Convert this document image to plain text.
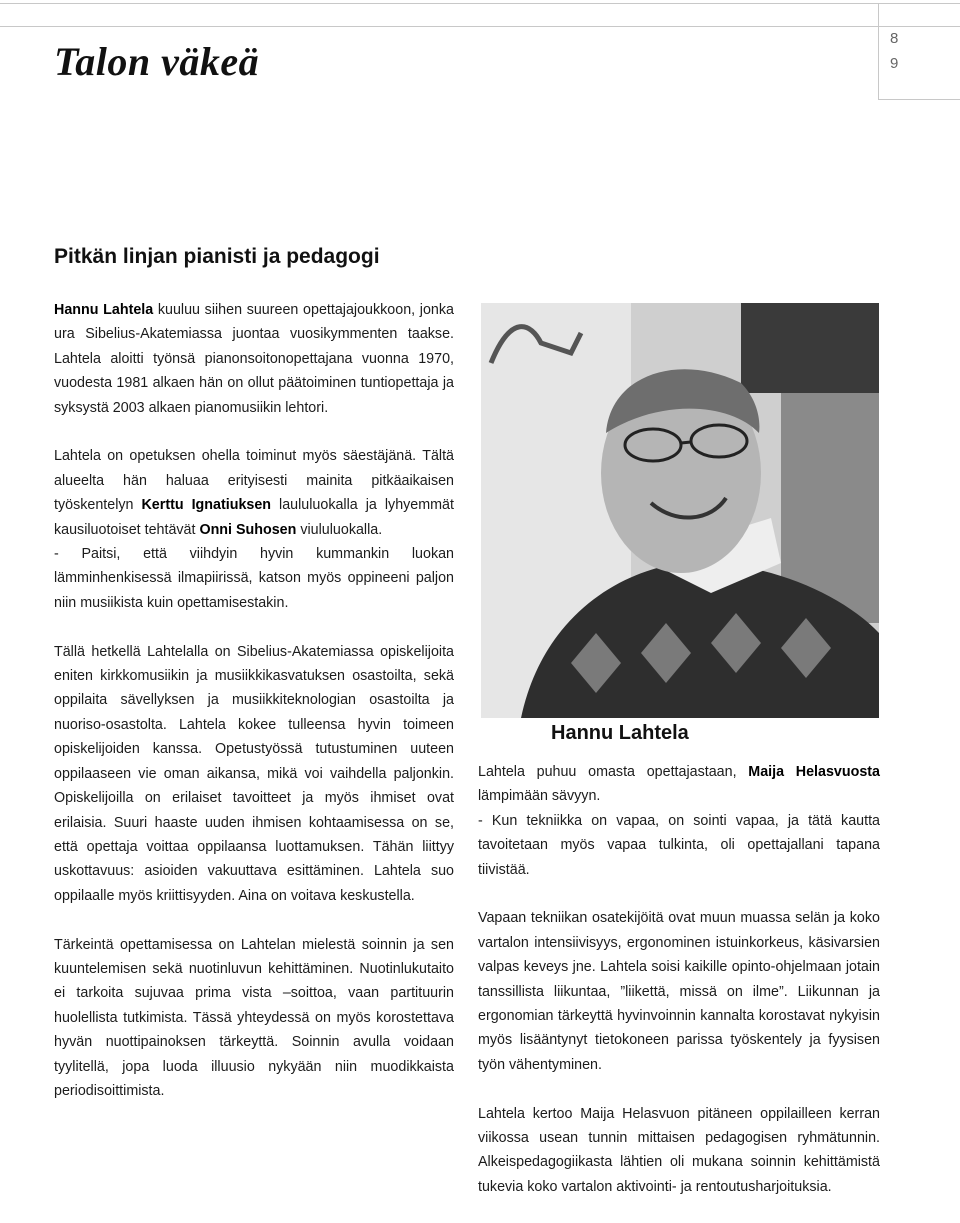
Talon väkeä
8
9
Pitkän linjan pianisti ja pedagogi

Hannu Lahtela kuuluu siihen suureen opettajajoukkoon, jonka ura Sibelius-Akatemiassa juontaa vuosikymmenten taakse. Lahtela aloitti työnsä pianonsoitonopettajana vuonna 1970, vuodesta 1981 alkaen hän on ollut päätoiminen tuntiopettaja ja syksystä 2003 alkaen pianomusiikin lehtori.

Lahtela on opetuksen ohella toiminut myös säestäjänä. Tältä alueelta hän haluaa erityisesti mainita pitkäaikaisen työskentelyn Kerttu Ignatiuksen laululuokalla ja lyhyemmät kausiluotoiset tehtävät Onni Suhosen viululuokalla.

- Paitsi, että viihdyin hyvin kummankin luokan lämminhenkisessä ilmapiirissä, katson myös oppineeni paljon niin musiikista kuin opettamisestakin.

Tällä hetkellä Lahtelalla on Sibelius-Akatemiassa opiskelijoita eniten kirkkomusiikin ja musiikkikasvatuksen osastoilta, sekä oppilaita sävellyksen ja musiikkiteknologian osastoilta ja nuoriso-osastolta. Lahtela kokee tulleensa hyvin toimeen opiskelijoiden kanssa. Opetustyössä tutustuminen uuteen oppilaaseen vie oman aikansa, mikä voi vaihdella paljonkin. Opiskelijoilla on erilaiset tavoitteet ja myös ihmiset ovat erilaisia. Suuri haaste uuden ihmisen kohtaamisessa on se, että opettaja voittaa oppilaansa luottamuksen. Tähän liittyy uskottavuus: asioiden vakuuttava esittäminen. Lahtela suo oppilaalle myös kriittisyyden. Aina on voitava keskustella.

Tärkeintä opettamisessa on Lahtelan mielestä soinnin ja sen kuuntelemisen sekä nuotinluvun kehittäminen. Nuotinlukutaito ei tarkoita sujuvaa prima vista –soittoa, vaan partituurin huolellista tutkimista. Tässä yhteydessä on myös korostettava hyvän nuottipainoksen tärkeyttä. Soinnin avulla voidaan tyylitellä, jopa luoda illuusio nykyään niin muodikkaista periodisoittimista.

Hannu Lahtela

Lahtela puhuu omasta opettajastaan, Maija Helasvuosta lämpimään sävyyn.

- Kun tekniikka on vapaa, on sointi vapaa, ja tätä kautta tavoitetaan myös vapaa tulkinta, oli opettajallani tapana tiivistää.

Vapaan tekniikan osatekijöitä ovat muun muassa selän ja koko vartalon intensiivisyys, ergonominen istuinkorkeus, käsivarsien valpas keveys jne. Lahtela soisi kaikille opinto-ohjelmaan jotain tanssillista liikuntaa, ”liikettä, missä on ilme”. Liikunnan ja ergonomian tärkeyttä hyvinvoinnin kannalta korostavat nykyisin myös lisääntynyt tietokoneen parissa työskentely ja fyysisen työn vähentyminen.

Lahtela kertoo Maija Helasvuon pitäneen oppilailleen kerran viikossa usean tunnin mittaisen pedagogisen ryhmätunnin. Alkeispedagogiikasta lähtien oli mukana soinnin kehittämistä tukevia koko vartalon aktivointi- ja rentoutusharjoituksia.
